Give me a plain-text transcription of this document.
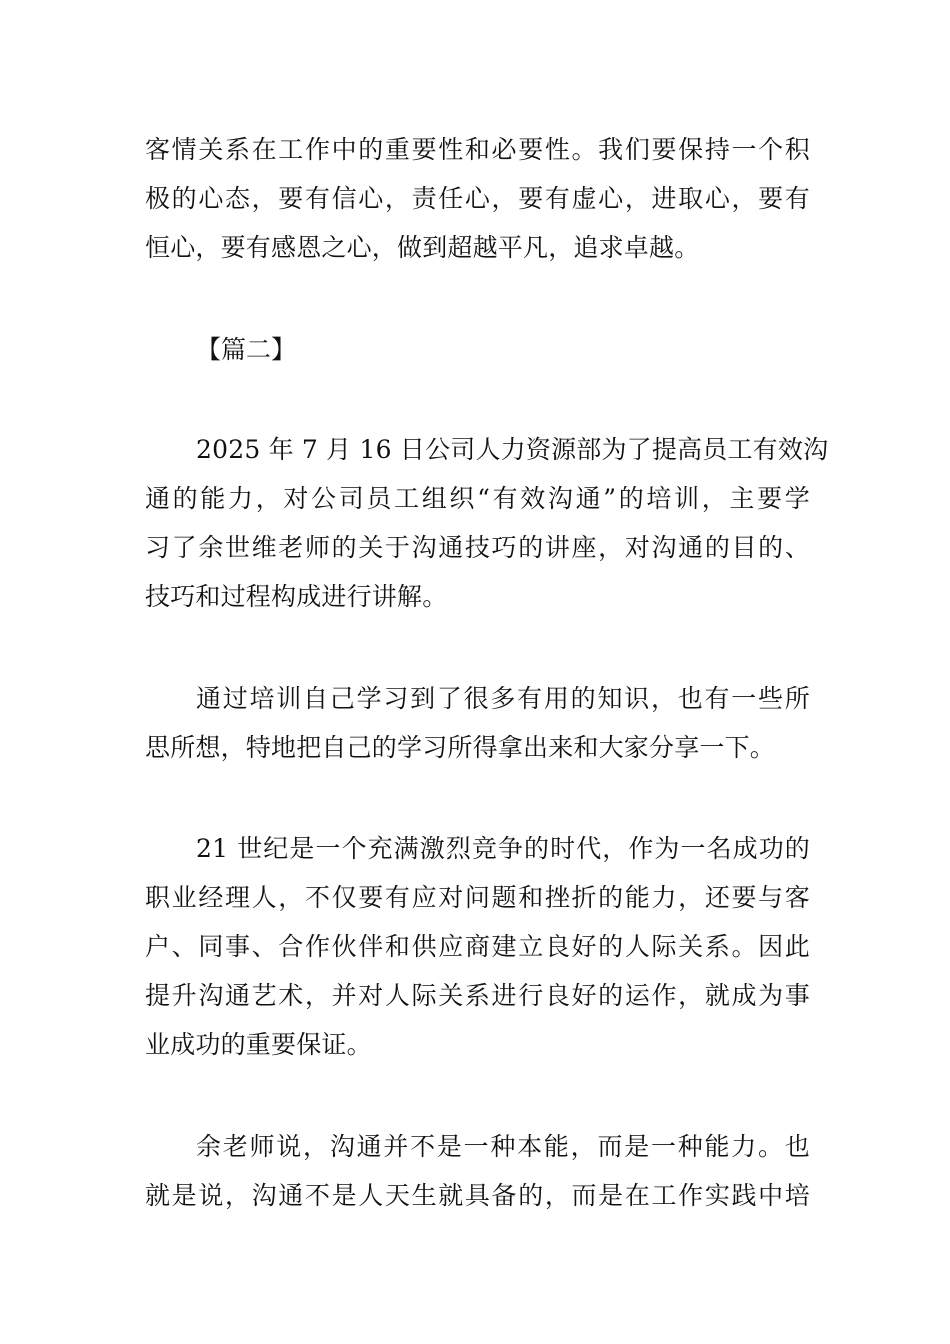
客情关系在工作中的重要性和必要性。我们要保持一个积
极的心态，要有信心，责任心，要有虚心，进取心，要有
恒心，要有感恩之心，做到超越平凡，追求卓越。
【篇二】
2025 年 7 月 16 日公司人力资源部为了提高员工有效沟
通的能力，对公司员工组织“有效沟通”的培训，主要学
习了余世维老师的关于沟通技巧的讲座，对沟通的目的、
技巧和过程构成进行讲解。
通过培训自己学习到了很多有用的知识，也有一些所
思所想，特地把自己的学习所得拿出来和大家分享一下。
21 世纪是一个充满激烈竞争的时代，作为一名成功的
职业经理人，不仅要有应对问题和挫折的能力，还要与客
户、同事、合作伙伴和供应商建立良好的人际关系。因此
提升沟通艺术，并对人际关系进行良好的运作，就成为事
业成功的重要保证。
余老师说，沟通并不是一种本能，而是一种能力。也
就是说，沟通不是人天生就具备的，而是在工作实践中培
